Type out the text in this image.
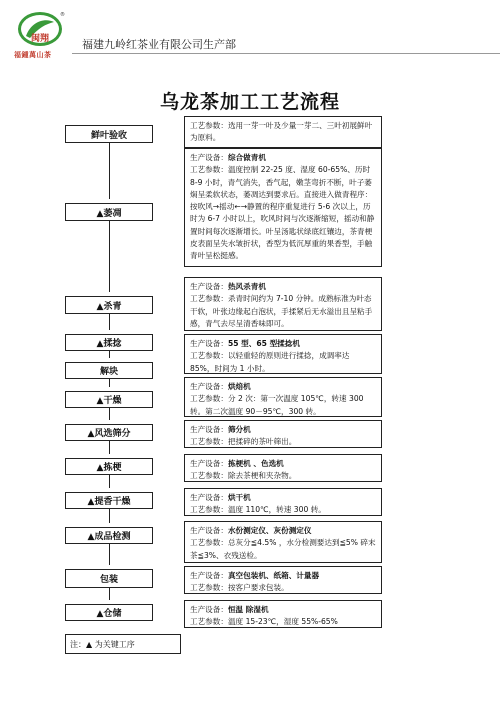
闽翔
®
福鍾萬山茶
福建九岭红茶业有限公司生产部
乌龙茶加工工艺流程
鲜叶验收
▲萎凋
▲杀青
▲揉捻
解块
▲干燥
▲风选筛分
▲拣梗
▲提香干燥
▲成品检测
包装
▲仓储
工艺参数：选用一芽一叶及少量一芽二、三叶初展鲜叶为原料。
生产设备：综合做青机
工艺参数：温度控制 22-25 度、湿度 60-65%、历时 8-9 小时，青气消失，香气起，嫩茎弯折不断，叶子萎焖呈柔软状态，萎凋达到要求后。直接进入做青程序：按吹风→摇动←→静置的程序重复进行 5-6 次以上，历时为 6-7 小时以上，吹风时间与次逐渐缩短，摇动和静置时间每次逐渐增长。叶呈汤匙状绿底红镶边，茶青梗皮表面呈失水皱折状，香型为低沉厚重的果香型，手触青叶呈松挺感。
生产设备：热风杀青机
工艺参数：杀青时间约为 7-10 分钟。成熟标准为叶态干软，叶张边缘起白泡状，手揉紧后无水溢出且呈粘手感，青气去尽呈清香味即可。
生产设备：55 型、65 型揉捻机
工艺参数：以轻重轻的原则进行揉捻，成调率达 85%，时间为 1 小时。
生产设备：烘焙机
工艺参数：分 2 次：第一次温度 105℃，转速 300 转。第二次温度 90－95℃，300 转。
生产设备：筛分机
工艺参数：把揉碎的茶叶筛出。
生产设备：拣梗机 、色选机
工艺参数：除去茶梗和夹杂物。
生产设备：烘干机
工艺参数：温度 110℃，转速 300 转。
生产设备：水份测定仪、灰份测定仪
工艺参数：总灰分≦4.5% ，水分检测要达到≦5% 碎末茶≦3%、衣残送检。
生产设备：真空包装机、纸箱、计量器
工艺参数：按客户要求包装。
生产设备：恒温 除湿机
工艺参数：温度 15-23℃，湿度 55%-65%
注：▲ 为关键工序
